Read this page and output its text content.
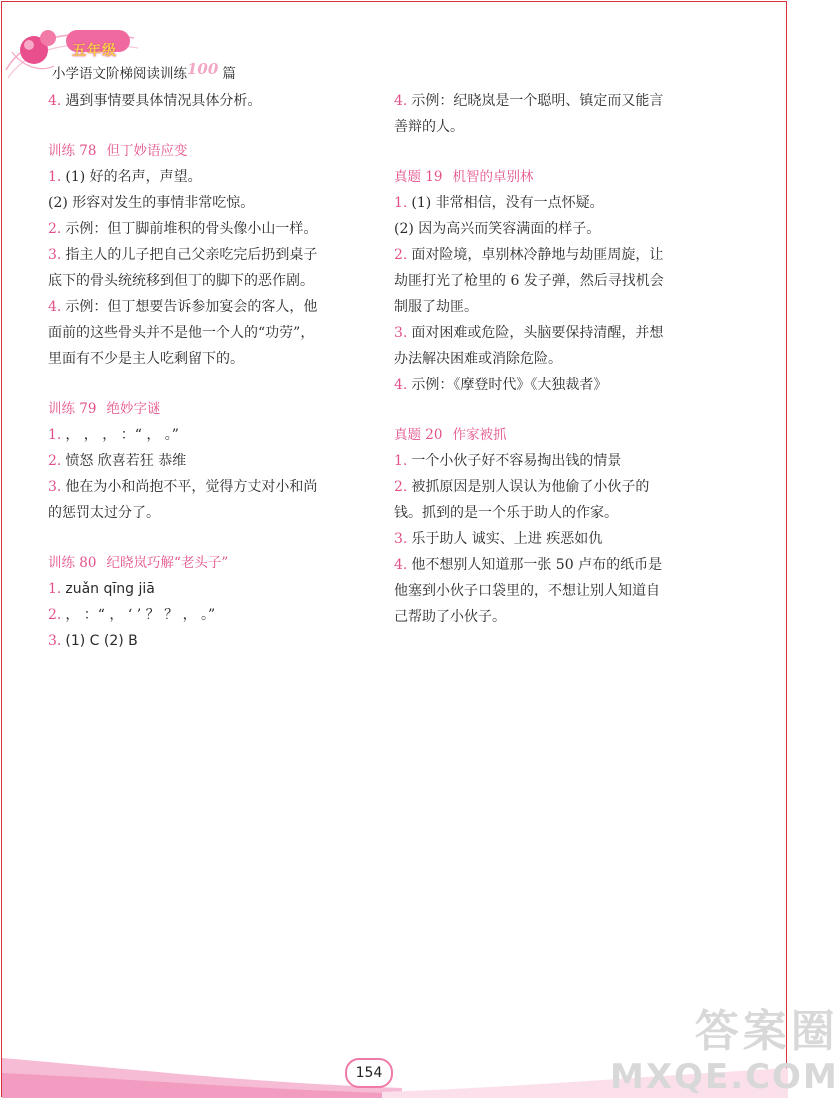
五年级
小学语文阶梯阅读训练100 篇
4. 遇到事情要具体情况具体分析。
训练 78 但丁妙语应变
1. (1) 好的名声，声望。
(2) 形容对发生的事情非常吃惊。
2. 示例：但丁脚前堆积的骨头像小山一样。
3. 指主人的儿子把自己父亲吃完后扔到桌子
底下的骨头统统移到但丁的脚下的恶作剧。
4. 示例：但丁想要告诉参加宴会的客人，他
面前的这些骨头并不是他一个人的“功劳”，
里面有不少是主人吃剩留下的。
训练 79 绝妙字谜
1. ， ， ， ：“ ， 。”
2. 愤怒 欣喜若狂 恭维
3. 他在为小和尚抱不平，觉得方丈对小和尚
的惩罚太过分了。
训练 80 纪晓岚巧解“老头子”
1. zuǎn qīng jiā
2. ， ：“ ， ‘ ’ ？ ？ ， 。”
3. (1) C (2) B
4. 示例：纪晓岚是一个聪明、镇定而又能言
善辩的人。
真题 19 机智的卓别林
1. (1) 非常相信，没有一点怀疑。
(2) 因为高兴而笑容满面的样子。
2. 面对险境，卓别林冷静地与劫匪周旋，让
劫匪打光了枪里的 6 发子弹，然后寻找机会
制服了劫匪。
3. 面对困难或危险，头脑要保持清醒，并想
办法解决困难或消除危险。
4. 示例：《摩登时代》《大独裁者》
真题 20 作家被抓
1. 一个小伙子好不容易掏出钱的情景
2. 被抓原因是别人误认为他偷了小伙子的
钱。抓到的是一个乐于助人的作家。
3. 乐于助人 诚实、上进 疾恶如仇
4. 他不想别人知道那一张 50 卢布的纸币是
他塞到小伙子口袋里的，不想让别人知道自
己帮助了小伙子。
154
答案圈
MXQE.COM
